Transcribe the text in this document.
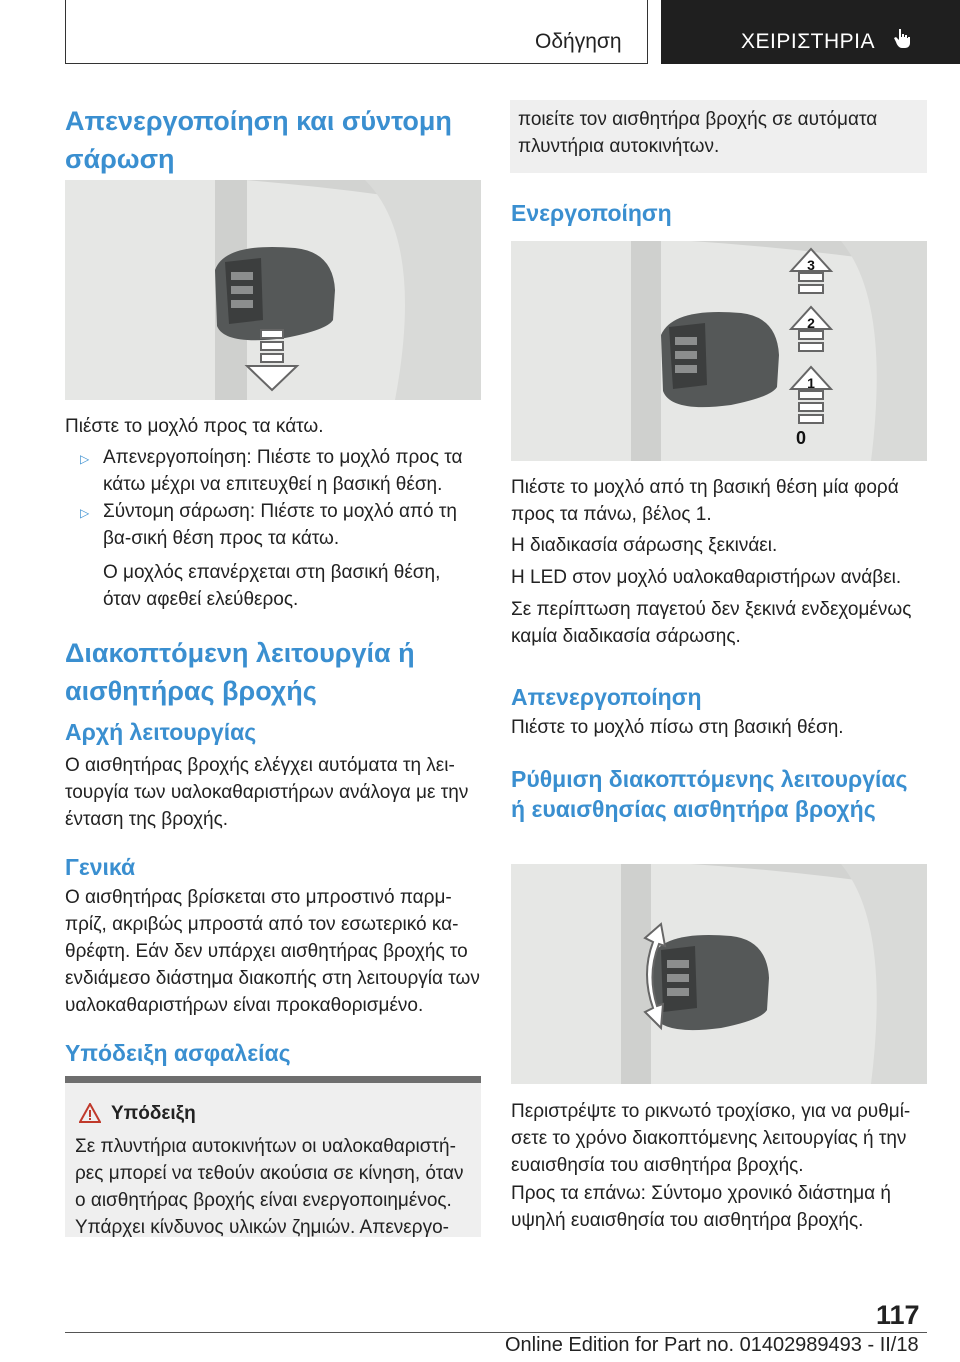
Οδήγηση	ΧΕΙΡΙΣΤΗΡΙΑ
Απενεργοποίηση και σύντομη σάρωση

Πιέστε το μοχλό προς τα κάτω.

▷ Απενεργοποίηση: Πιέστε το μοχλό προς τα κάτω μέχρι να επιτευχθεί η βασική θέση.

▷ Σύντομη σάρωση: Πιέστε το μοχλό από τη βα-σική θέση προς τα κάτω.

Ο μοχλός επανέρχεται στη βασική θέση, όταν αφεθεί ελεύθερος.

Διακοπτόμενη λειτουργία ή αισθητήρας βροχής
Αρχή λειτουργίας

Ο αισθητήρας βροχής ελέγχει αυτόματα τη λει-τουργία των υαλοκαθαριστήρων ανάλογα με την ένταση της βροχής.

Γενικά

Ο αισθητήρας βρίσκεται στο μπροστινό παρμ-πρίζ, ακριβώς μπροστά από τον εσωτερικό κα-θρέφτη. Εάν δεν υπάρχει αισθητήρας βροχής το ενδιάμεσο διάστημα διακοπής στη λειτουργία των υαλοκαθαριστήρων είναι προκαθορισμένο.

Υπόδειξη ασφαλείας
Υπόδειξη

Σε πλυντήρια αυτοκινήτων οι υαλοκαθαριστή-ρες μπορεί να τεθούν ακούσια σε κίνηση, όταν ο αισθητήρας βροχής είναι ενεργοποιημένος. Υπάρχει κίνδυνος υλικών ζημιών. Απενεργο-

ποιείτε τον αισθητήρα βροχής σε αυτόματα πλυντήρια αυτοκινήτων.

Ενεργοποίηση
3
2
1
0

Πιέστε το μοχλό από τη βασική θέση μία φορά προς τα πάνω, βέλος 1.

Η διαδικασία σάρωσης ξεκινάει.

Η LED στον μοχλό υαλοκαθαριστήρων ανάβει.

Σε περίπτωση παγετού δεν ξεκινά ενδεχομένως καμία διαδικασία σάρωσης.

Απενεργοποίηση

Πιέστε το μοχλό πίσω στη βασική θέση.

Ρύθμιση διακοπτόμενης λειτουργίας ή ευαισθησίας αισθητήρα βροχής

Περιστρέψτε το ρικνωτό τροχίσκο, για να ρυθμί-σετε το χρόνο διακοπτόμενης λειτουργίας ή την ευαισθησία του αισθητήρα βροχής.

Προς τα επάνω: Σύντομο χρονικό διάστημα ή υψηλή ευαισθησία του αισθητήρα βροχής.

117
Online Edition for Part no. 01402989493 - II/18
